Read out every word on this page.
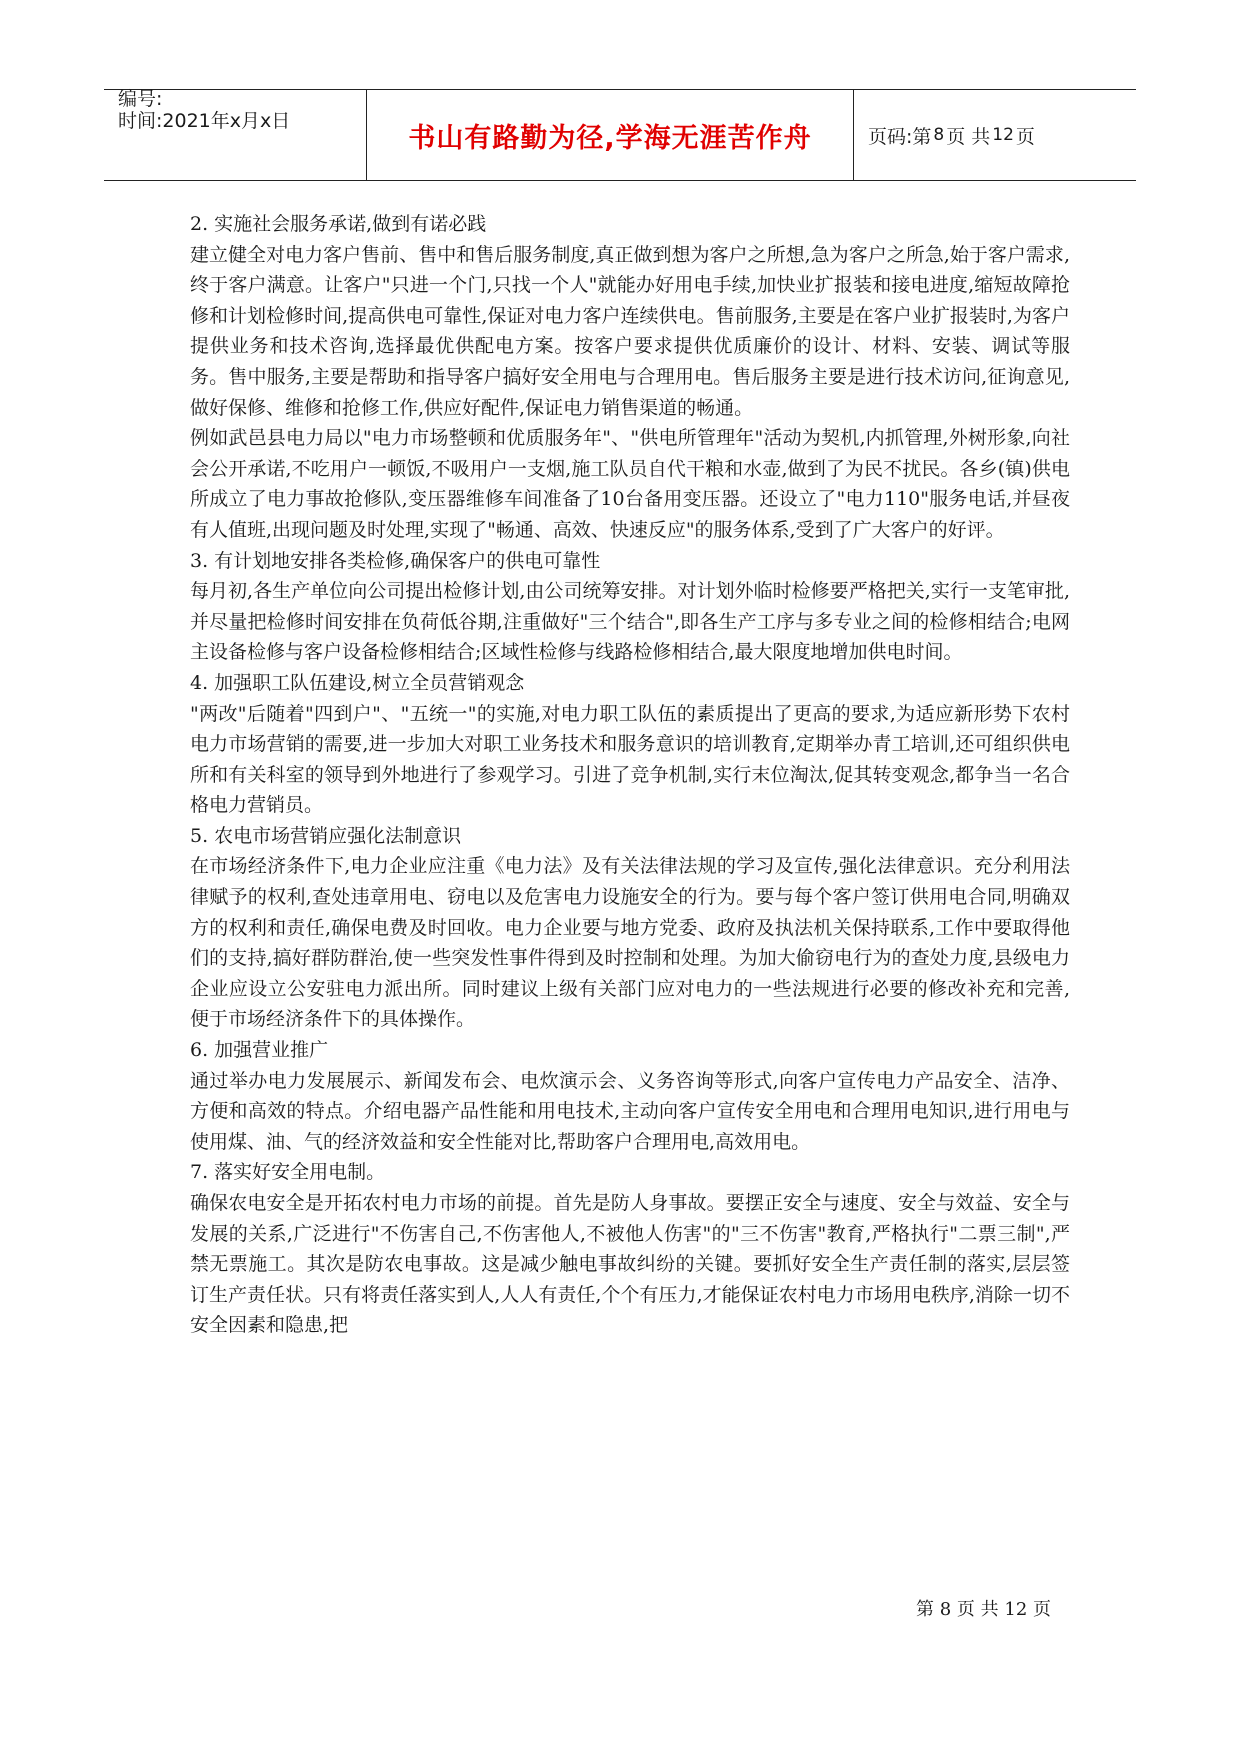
编号:
时间:2021年x月x日
书山有路勤为径,学海无涯苦作舟	页码:第 8 页 共 12 页

2. 实施社会服务承诺,做到有诺必践

建立健全对电力客户售前、售中和售后服务制度,真正做到想为客户之所想,急为客户之所急,始于客户需求,终于客户满意。让客户"只进一个门,只找一个人"就能办好用电手续,加快业扩报装和接电进度,缩短故障抢修和计划检修时间,提高供电可靠性,保证对电力客户连续供电。售前服务,主要是在客户业扩报装时,为客户提供业务和技术咨询,选择最优供配电方案。按客户要求提供优质廉价的设计、材料、安装、调试等服务。售中服务,主要是帮助和指导客户搞好安全用电与合理用电。售后服务主要是进行技术访问,征询意见,做好保修、维修和抢修工作,供应好配件,保证电力销售渠道的畅通。

例如武邑县电力局以"电力市场整顿和优质服务年"、"供电所管理年"活动为契机,内抓管理,外树形象,向社会公开承诺,不吃用户一顿饭,不吸用户一支烟,施工队员自代干粮和水壶,做到了为民不扰民。各乡(镇)供电所成立了电力事故抢修队,变压器维修车间准备了10台备用变压器。还设立了"电力110"服务电话,并昼夜有人值班,出现问题及时处理,实现了"畅通、高效、快速反应"的服务体系,受到了广大客户的好评。

3. 有计划地安排各类检修,确保客户的供电可靠性

每月初,各生产单位向公司提出检修计划,由公司统筹安排。对计划外临时检修要严格把关,实行一支笔审批,并尽量把检修时间安排在负荷低谷期,注重做好"三个结合",即各生产工序与多专业之间的检修相结合;电网主设备检修与客户设备检修相结合;区域性检修与线路检修相结合,最大限度地增加供电时间。

4. 加强职工队伍建设,树立全员营销观念

"两改"后随着"四到户"、"五统一"的实施,对电力职工队伍的素质提出了更高的要求,为适应新形势下农村电力市场营销的需要,进一步加大对职工业务技术和服务意识的培训教育,定期举办青工培训,还可组织供电所和有关科室的领导到外地进行了参观学习。引进了竞争机制,实行末位淘汰,促其转变观念,都争当一名合格电力营销员。

5. 农电市场营销应强化法制意识

在市场经济条件下,电力企业应注重《电力法》及有关法律法规的学习及宣传,强化法律意识。充分利用法律赋予的权利,查处违章用电、窃电以及危害电力设施安全的行为。要与每个客户签订供用电合同,明确双方的权利和责任,确保电费及时回收。电力企业要与地方党委、政府及执法机关保持联系,工作中要取得他们的支持,搞好群防群治,使一些突发性事件得到及时控制和处理。为加大偷窃电行为的查处力度,县级电力企业应设立公安驻电力派出所。同时建议上级有关部门应对电力的一些法规进行必要的修改补充和完善,便于市场经济条件下的具体操作。

6. 加强营业推广

通过举办电力发展展示、新闻发布会、电炊演示会、义务咨询等形式,向客户宣传电力产品安全、洁净、方便和高效的特点。介绍电器产品性能和用电技术,主动向客户宣传安全用电和合理用电知识,进行用电与使用煤、油、气的经济效益和安全性能对比,帮助客户合理用电,高效用电。

7. 落实好安全用电制。

确保农电安全是开拓农村电力市场的前提。首先是防人身事故。要摆正安全与速度、安全与效益、安全与发展的关系,广泛进行"不伤害自己,不伤害他人,不被他人伤害"的"三不伤害"教育,严格执行"二票三制",严禁无票施工。其次是防农电事故。这是减少触电事故纠纷的关键。要抓好安全生产责任制的落实,层层签订生产责任状。只有将责任落实到人,人人有责任,个个有压力,才能保证农村电力市场用电秩序,消除一切不安全因素和隐患,把

第 8 页 共 12 页
